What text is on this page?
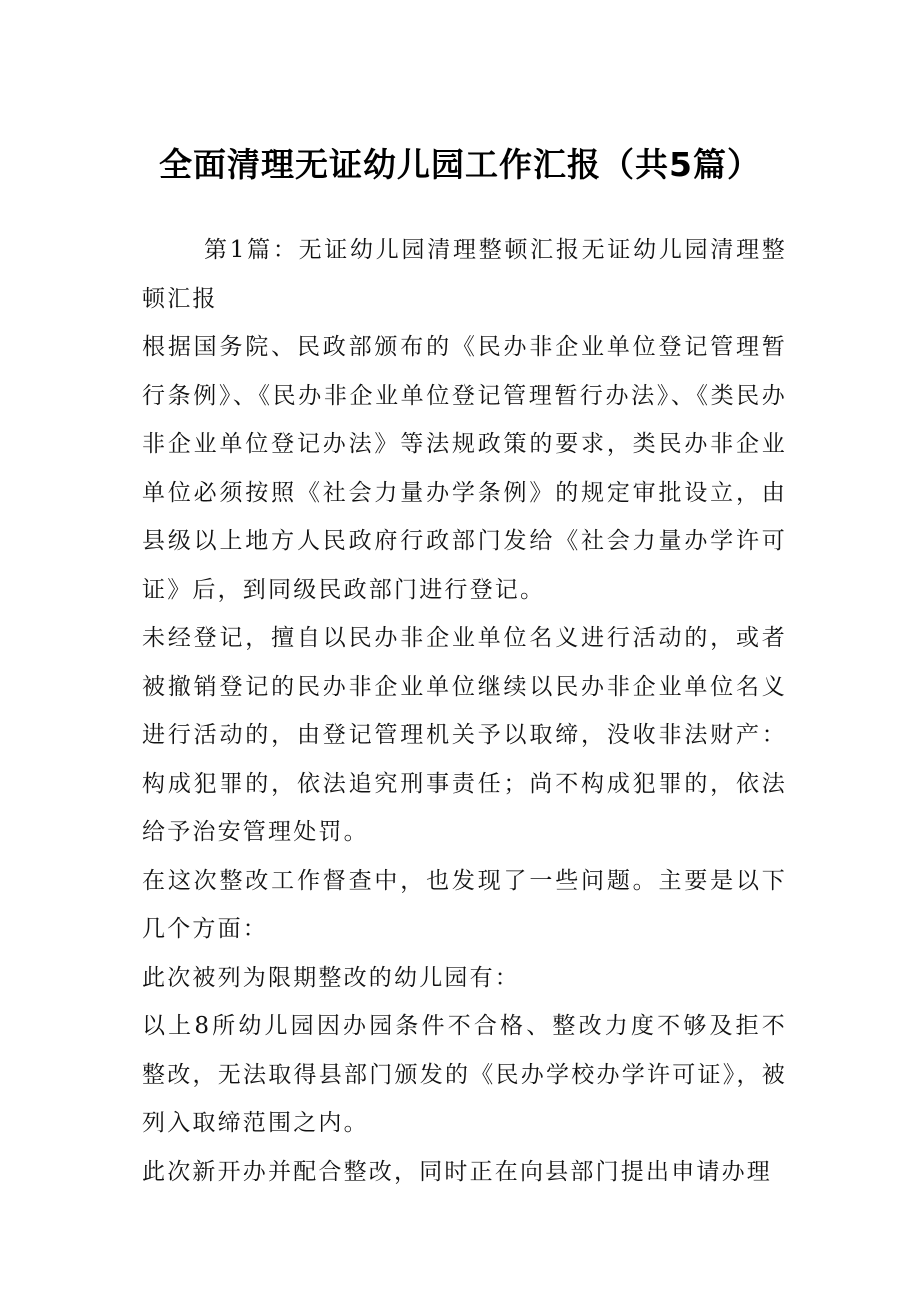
全面清理无证幼儿园工作汇报（共5篇）

第1篇：无证幼儿园清理整顿汇报无证幼儿园清理整顿汇报

根据国务院、民政部颁布的《民办非企业单位登记管理暂行条例》、《民办非企业单位登记管理暂行办法》、《类民办非企业单位登记办法》等法规政策的要求，类民办非企业单位必须按照《社会力量办学条例》的规定审批设立，由县级以上地方人民政府行政部门发给《社会力量办学许可证》后，到同级民政部门进行登记。

未经登记，擅自以民办非企业单位名义进行活动的，或者被撤销登记的民办非企业单位继续以民办非企业单位名义进行活动的，由登记管理机关予以取缔，没收非法财产：构成犯罪的，依法追究刑事责任；尚不构成犯罪的，依法给予治安管理处罚。

在这次整改工作督查中，也发现了一些问题。主要是以下几个方面：

此次被列为限期整改的幼儿园有：

以上8所幼儿园因办园条件不合格、整改力度不够及拒不整改，无法取得县部门颁发的《民办学校办学许可证》，被列入取缔范围之内。

此次新开办并配合整改，同时正在向县部门提出申请办理
